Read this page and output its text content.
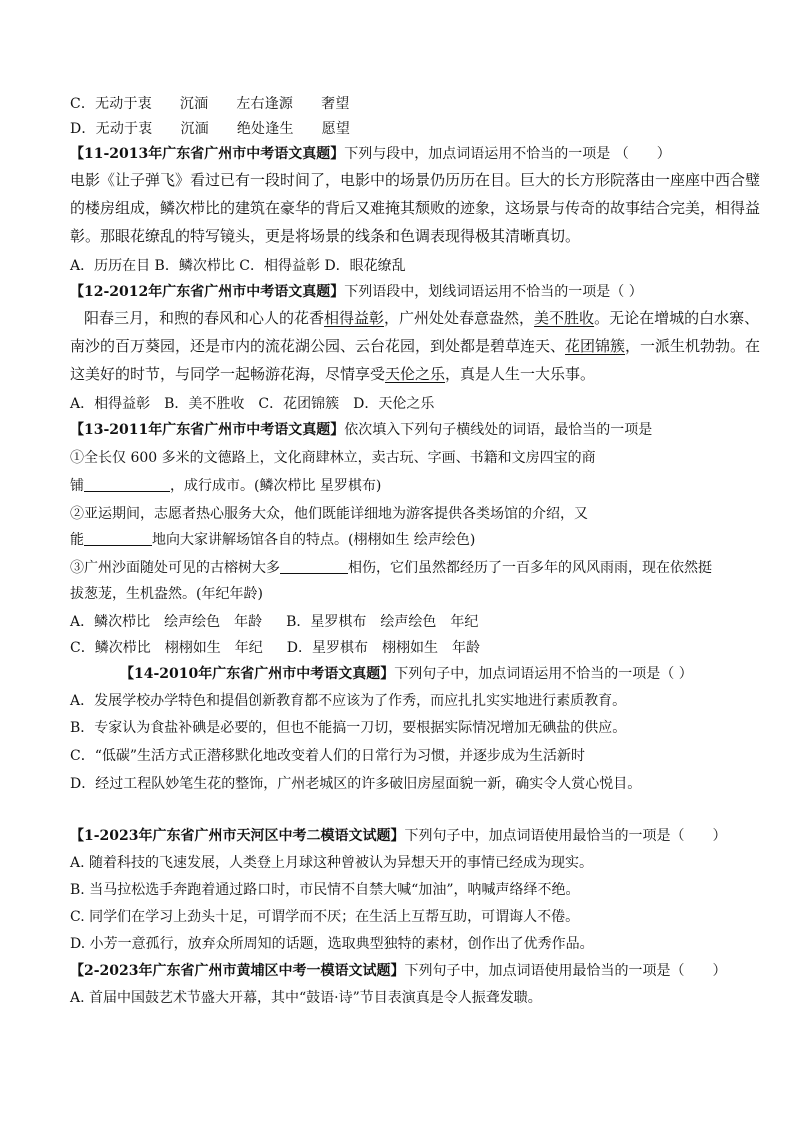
C．无动于衷 沉湎 左右逢源 奢望
D．无动于衷 沉湎 绝处逢生 愿望
【11-2013年广东省广州市中考语文真题】下列与段中，加点词语运用不恰当的一项是 （　　）
电影《让子弹飞》看过已有一段时间了，电影中的场景仍历历在目。巨大的长方形院落由一座座中西合璧
的楼房组成，鳞次栉比的建筑在豪华的背后又难掩其颓败的迹象，这场景与传奇的故事结合完美，相得益
彰。那眼花缭乱的特写镜头，更是将场景的线条和色调表现得极其清晰真切。
A．历历在目 B．鳞次栉比 C．相得益彰 D．眼花缭乱
【12-2012年广东省广州市中考语文真题】下列语段中，划线词语运用不恰当的一项是（ ）
阳春三月，和煦的春风和心人的花香相得益彰，广州处处春意盎然，美不胜收。无论在增城的白水寨、
南沙的百万葵园，还是市内的流花湖公园、云台花园，到处都是碧草连天、花团锦簇，一派生机勃勃。在
这美好的时节，与同学一起畅游花海，尽情享受天伦之乐，真是人生一大乐事。
A．相得益彰　B．美不胜收　C．花团锦簇　D．天伦之乐
【13-2011年广东省广州市中考语文真题】依次填入下列句子横线处的词语，最恰当的一项是
①全长仅 600 多米的文德路上，文化商肆林立，卖古玩、字画、书籍和文房四宝的商
铺	，成行成市。(鳞次栉比 星罗棋布)
②亚运期间，志愿者热心服务大众，他们既能详细地为游客提供各类场馆的介绍，又
能	地向大家讲解场馆各自的特点。(栩栩如生 绘声绘色)
③广州沙面随处可见的古榕树大多	相伤，它们虽然都经历了一百多年的风风雨雨，现在依然挺
拔葱茏，生机盎然。(年纪年龄)
A．鳞次栉比 绘声绘色 年龄 B．星罗棋布 绘声绘色 年纪
C．鳞次栉比 栩栩如生 年纪 D．星罗棋布 栩栩如生 年龄
【14-2010年广东省广州市中考语文真题】下列句子中，加点词语运用不恰当的一项是（ ）
A．发展学校办学特色和提倡创新教育都不应该为了作秀，而应扎扎实实地进行素质教育。
B．专家认为食盐补碘是必要的，但也不能搞一刀切，要根据实际情况增加无碘盐的供应。
C．“低碳”生活方式正潜移默化地改变着人们的日常行为习惯，并逐步成为生活新时
D．经过工程队妙笔生花的整饰，广州老城区的许多破旧房屋面貌一新，确实令人赏心悦目。
【1-2023年广东省广州市天河区中考二模语文试题】下列句子中，加点词语使用最恰当的一项是（　　）
A. 随着科技的飞速发展，人类登上月球这种曾被认为异想天开的事情已经成为现实。
B. 当马拉松选手奔跑着通过路口时，市民情不自禁大喊“加油”，呐喊声络绎不绝。
C. 同学们在学习上劲头十足，可谓学而不厌；在生活上互帮互助，可谓诲人不倦。
D. 小芳一意孤行，放弃众所周知的话题，选取典型独特的素材，创作出了优秀作品。
【2-2023年广东省广州市黄埔区中考一模语文试题】下列句子中，加点词语使用最恰当的一项是（　　）
A. 首届中国鼓艺术节盛大开幕，其中“鼓语·诗”节目表演真是令人振聋发聩。
